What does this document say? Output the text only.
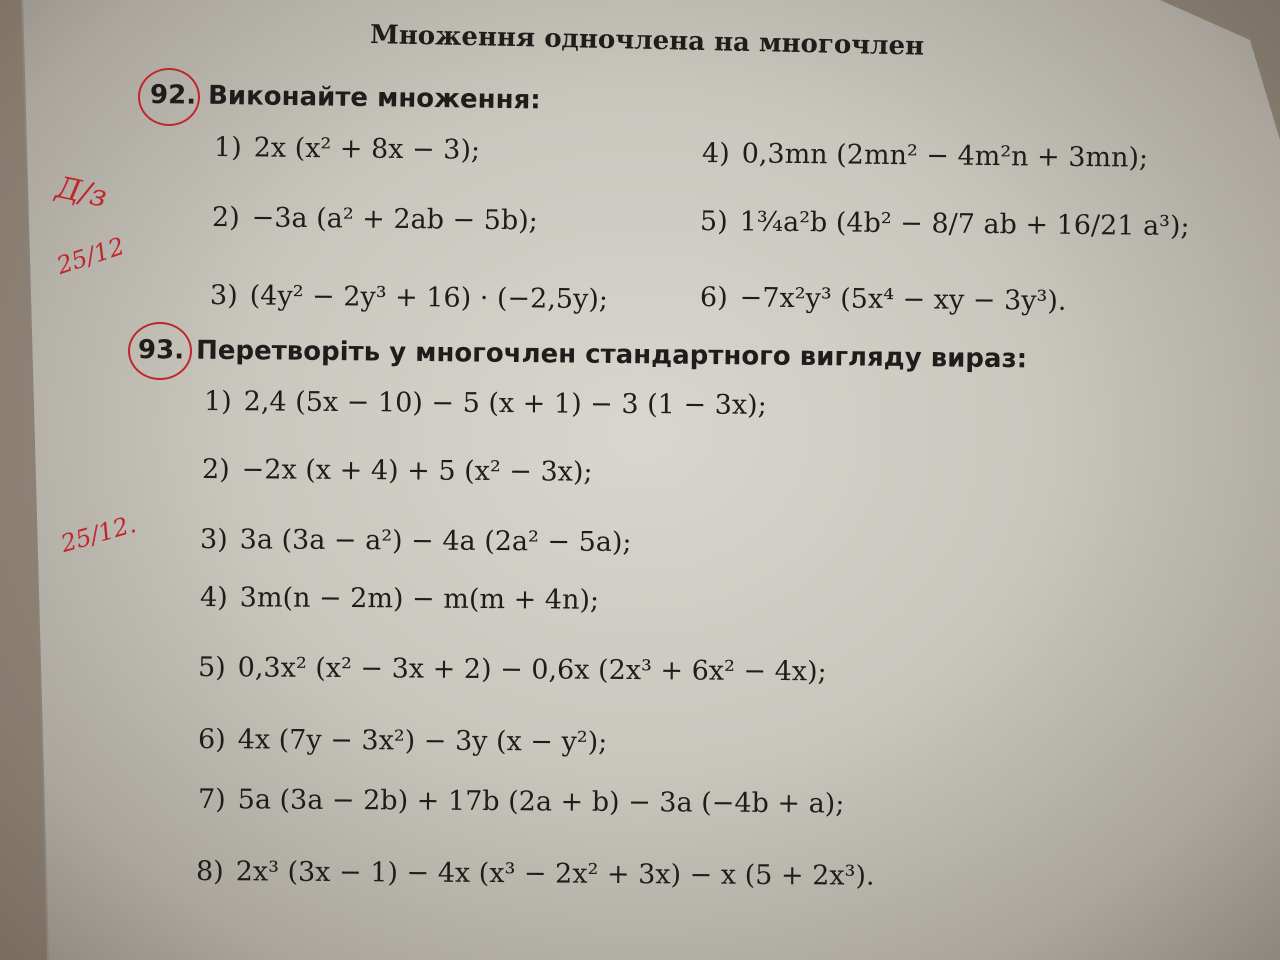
Множення одночлена на многочлен
92. Виконайте множення:
1) 2x (x² + 8x − 3);
2) −3a (a² + 2ab − 5b);
3) (4y² − 2y³ + 16) · (−2,5y);
4) 0,3mn (2mn² − 4m²n + 3mn);
5) 1¾a²b (4b² − 8/7 ab + 16/21 a³);
6) −7x²y³ (5x⁴ − xy − 3y³).
93. Перетворіть у многочлен стандартного вигляду вираз:
1) 2,4 (5x − 10) − 5 (x + 1) − 3 (1 − 3x);
2) −2x (x + 4) + 5 (x² − 3x);
3) 3a (3a − a²) − 4a (2a² − 5a);
4) 3m(n − 2m) − m(m + 4n);
5) 0,3x² (x² − 3x + 2) − 0,6x (2x³ + 6x² − 4x);
6) 4x (7y − 3x²) − 3y (x − y²);
7) 5a (3a − 2b) + 17b (2a + b) − 3a (−4b + a);
8) 2x³ (3x − 1) − 4x (x³ − 2x² + 3x) − x (5 + 2x³).
Д/з
25/12
25/12.
